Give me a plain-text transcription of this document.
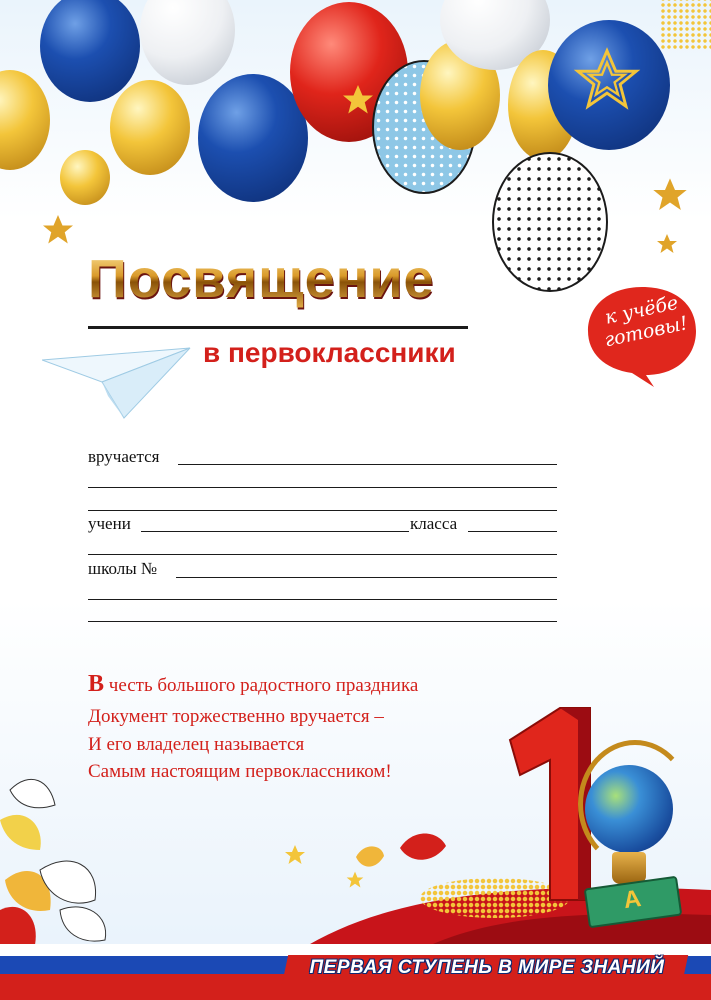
к учёбе готовы!
Посвящение
в первоклассники
вручается
учени	класса
школы №
В честь большого радостного праздника
Документ торжественно вручается –
И его владелец называется
Самым настоящим первоклассником!
А
ПЕРВАЯ СТУПЕНЬ В МИРЕ ЗНАНИЙ
